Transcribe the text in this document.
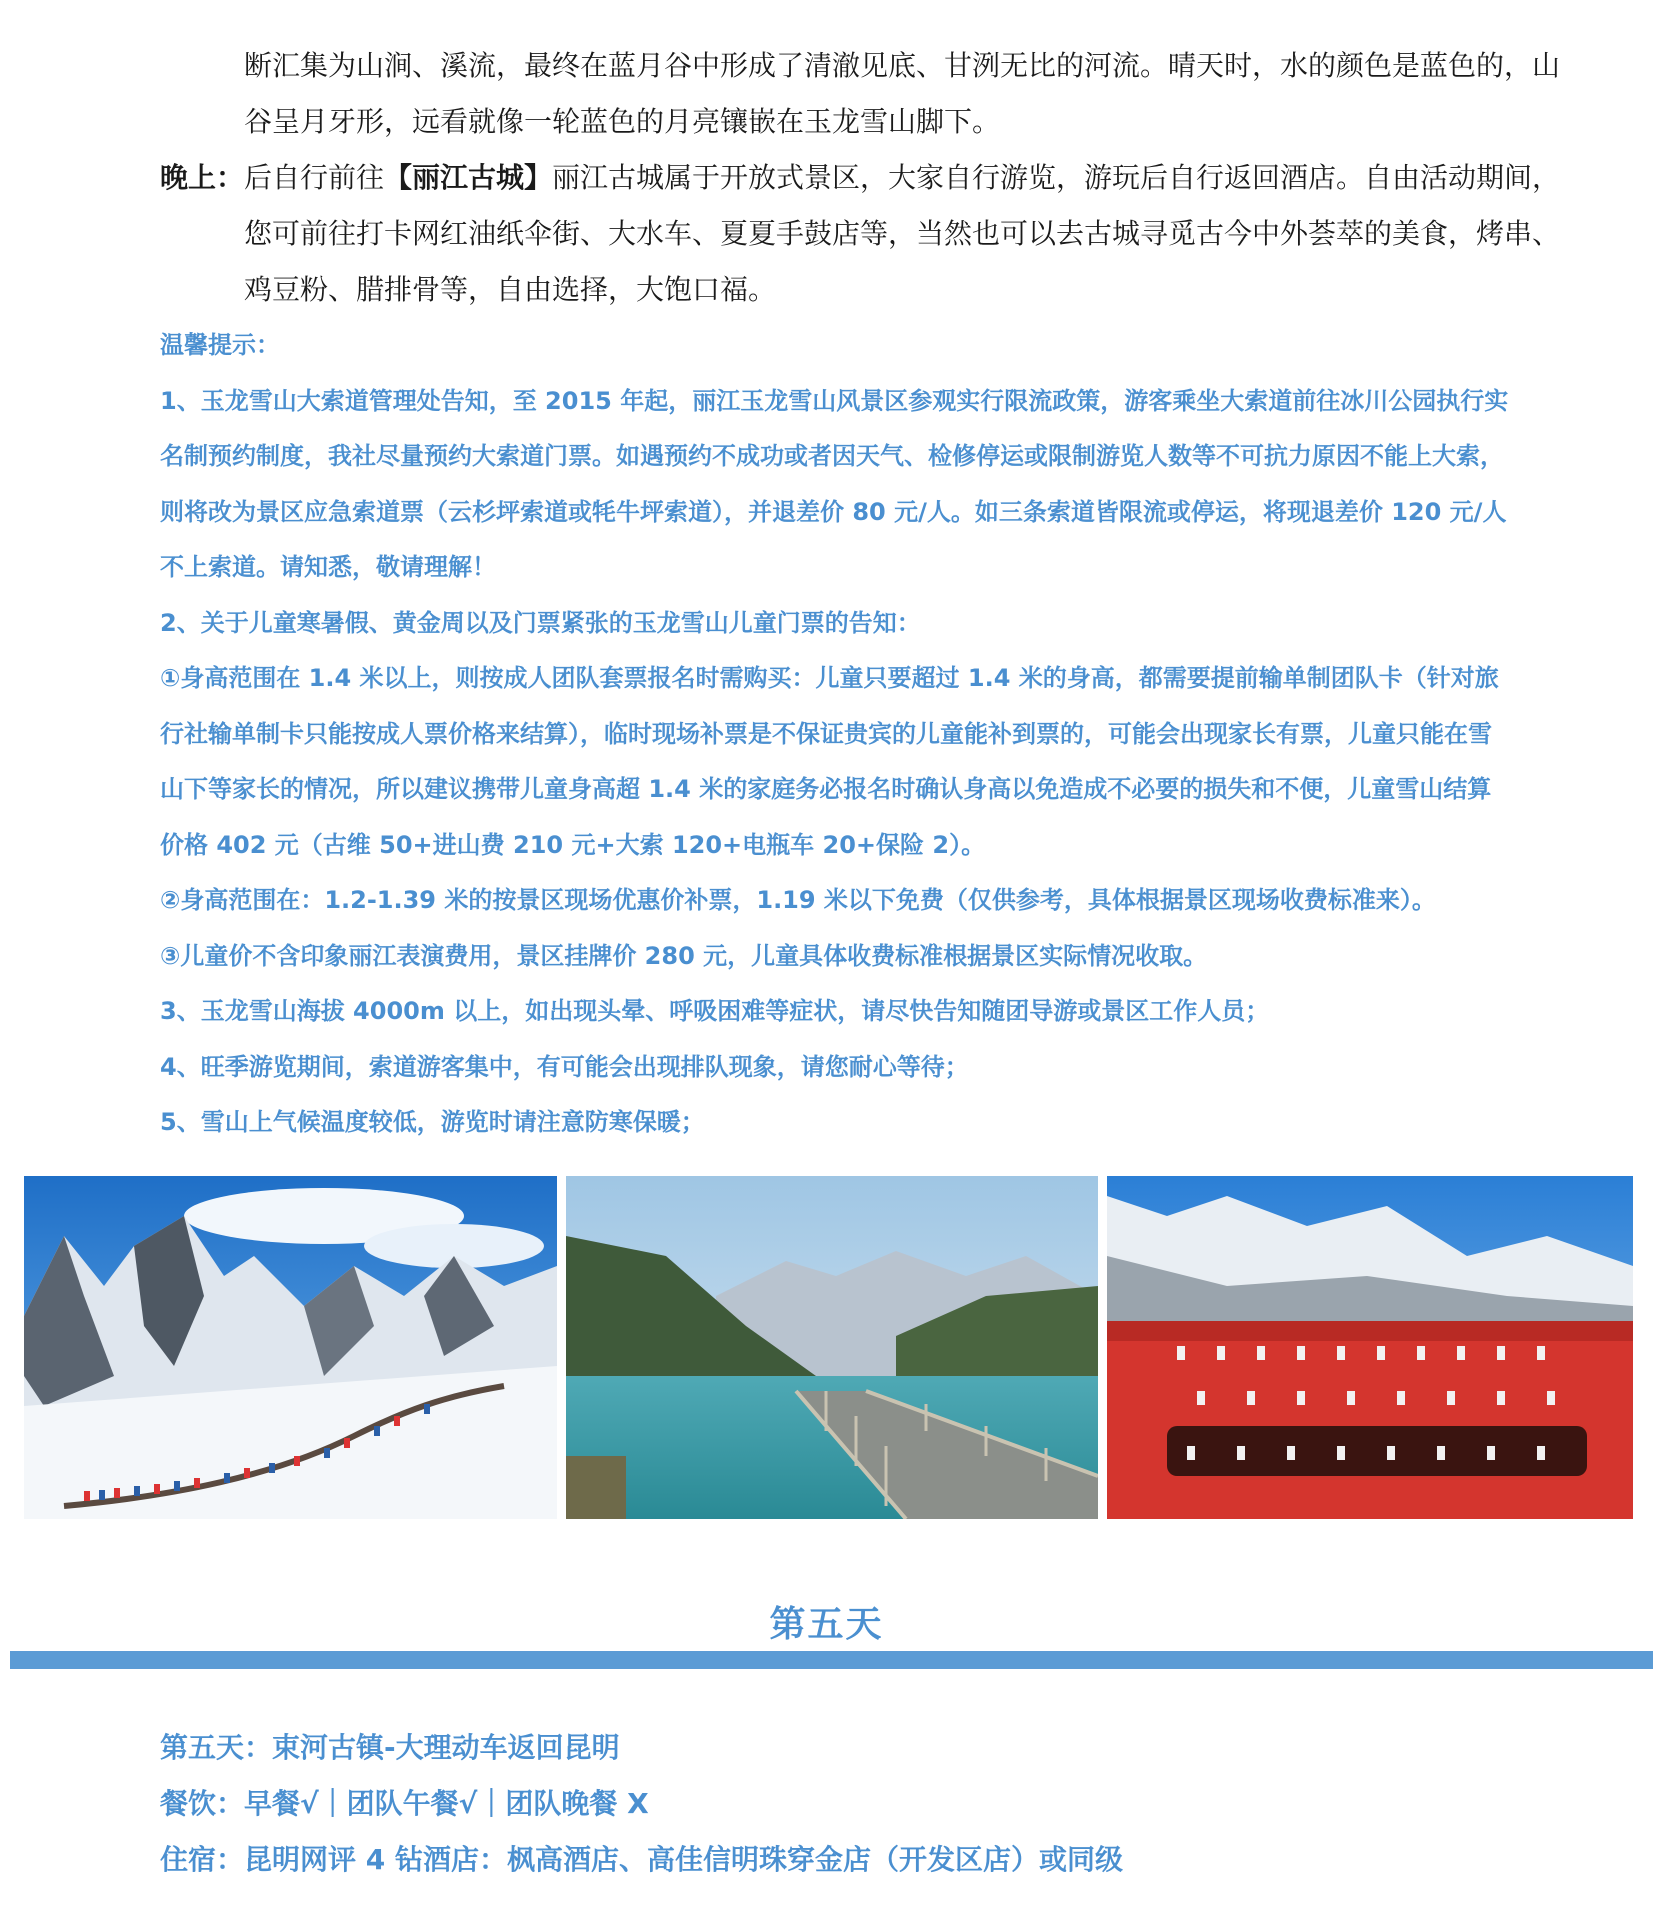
断汇集为山涧、溪流，最终在蓝月谷中形成了清澈见底、甘洌无比的河流。晴天时，水的颜色是蓝色的，山谷呈月牙形，远看就像一轮蓝色的月亮镶嵌在玉龙雪山脚下。

晚上：后自行前往【丽江古城】丽江古城属于开放式景区，大家自行游览，游玩后自行返回酒店。自由活动期间，您可前往打卡网红油纸伞街、大水车、夏夏手鼓店等，当然也可以去古城寻觅古今中外荟萃的美食，烤串、鸡豆粉、腊排骨等，自由选择，大饱口福。

温馨提示：

1、玉龙雪山大索道管理处告知，至 2015 年起，丽江玉龙雪山风景区参观实行限流政策，游客乘坐大索道前往冰川公园执行实名制预约制度，我社尽量预约大索道门票。如遇预约不成功或者因天气、检修停运或限制游览人数等不可抗力原因不能上大索，则将改为景区应急索道票（云杉坪索道或牦牛坪索道），并退差价 80 元/人。如三条索道皆限流或停运，将现退差价 120 元/人不上索道。请知悉，敬请理解！

2、关于儿童寒暑假、黄金周以及门票紧张的玉龙雪山儿童门票的告知：

①身高范围在 1.4 米以上，则按成人团队套票报名时需购买：儿童只要超过 1.4 米的身高，都需要提前输单制团队卡（针对旅行社输单制卡只能按成人票价格来结算），临时现场补票是不保证贵宾的儿童能补到票的，可能会出现家长有票，儿童只能在雪山下等家长的情况，所以建议携带儿童身高超 1.4 米的家庭务必报名时确认身高以免造成不必要的损失和不便，儿童雪山结算价格 402 元（古维 50+进山费 210 元+大索 120+电瓶车 20+保险 2）。

②身高范围在：1.2-1.39 米的按景区现场优惠价补票，1.19 米以下免费（仅供参考，具体根据景区现场收费标准来）。

③儿童价不含印象丽江表演费用，景区挂牌价 280 元，儿童具体收费标准根据景区实际情况收取。

3、玉龙雪山海拔 4000m 以上，如出现头晕、呼吸困难等症状，请尽快告知随团导游或景区工作人员；

4、旺季游览期间，索道游客集中，有可能会出现排队现象，请您耐心等待；

5、雪山上气候温度较低，游览时请注意防寒保暖；

第五天

第五天：束河古镇-大理动车返回昆明

餐饮：早餐√｜团队午餐√｜团队晚餐 X

住宿：昆明网评 4 钻酒店：枫高酒店、高佳信明珠穿金店（开发区店）或同级
